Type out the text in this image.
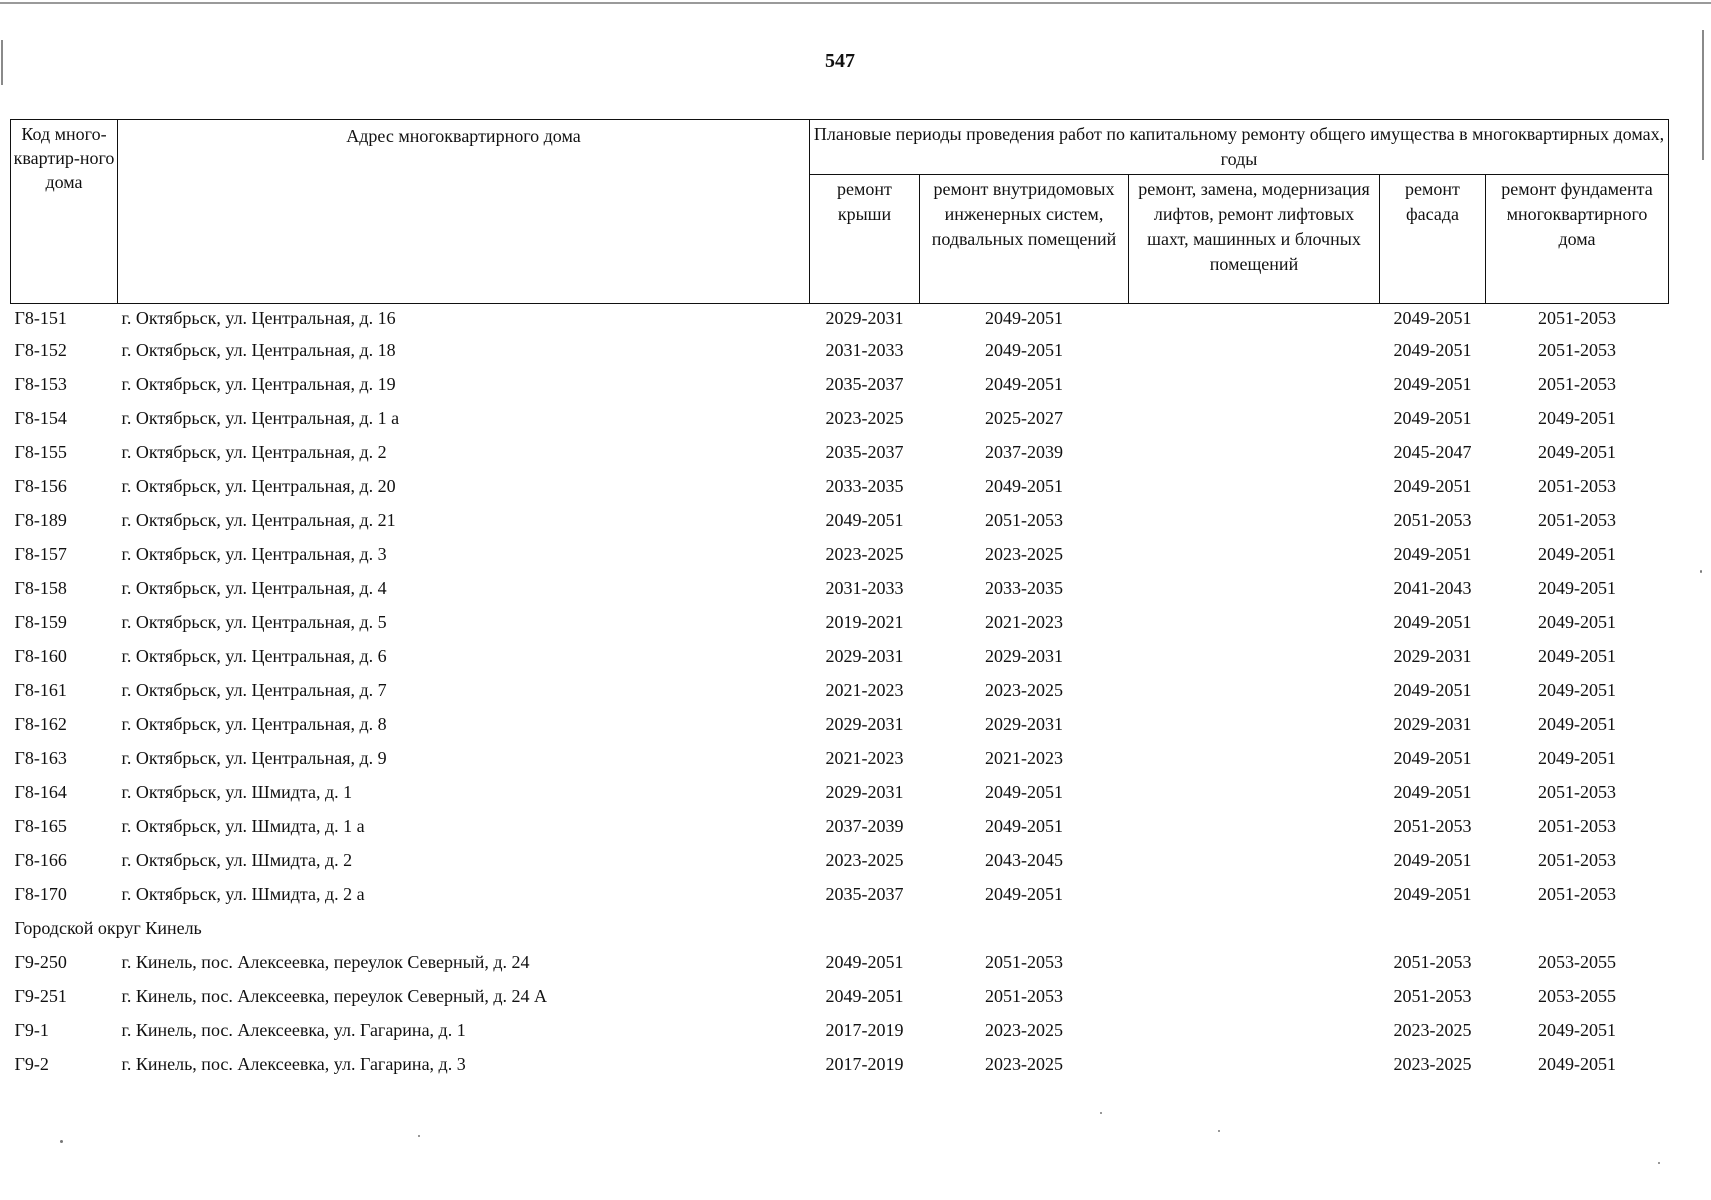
547
Код много-квартир-ного дома	Адрес многоквартирного дома	Плановые периоды проведения работ по капитальному ремонту общего имущества в многоквартирных домах, годы				
		ремонт крыши	ремонт внутридомовых инженерных систем, подвальных помещений	ремонт, замена, модернизация лифтов, ремонт лифтовых шахт, машинных и блочных помещений	ремонт фасада	ремонт фундамента многоквартирного дома
Г8-151	г. Октябрьск, ул. Центральная, д. 16	2029-2031	2049-2051		2049-2051	2051-2053
Г8-152	г. Октябрьск, ул. Центральная, д. 18	2031-2033	2049-2051		2049-2051	2051-2053
Г8-153	г. Октябрьск, ул. Центральная, д. 19	2035-2037	2049-2051		2049-2051	2051-2053
Г8-154	г. Октябрьск, ул. Центральная, д. 1 а	2023-2025	2025-2027		2049-2051	2049-2051
Г8-155	г. Октябрьск, ул. Центральная, д. 2	2035-2037	2037-2039		2045-2047	2049-2051
Г8-156	г. Октябрьск, ул. Центральная, д. 20	2033-2035	2049-2051		2049-2051	2051-2053
Г8-189	г. Октябрьск, ул. Центральная, д. 21	2049-2051	2051-2053		2051-2053	2051-2053
Г8-157	г. Октябрьск, ул. Центральная, д. 3	2023-2025	2023-2025		2049-2051	2049-2051
Г8-158	г. Октябрьск, ул. Центральная, д. 4	2031-2033	2033-2035		2041-2043	2049-2051
Г8-159	г. Октябрьск, ул. Центральная, д. 5	2019-2021	2021-2023		2049-2051	2049-2051
Г8-160	г. Октябрьск, ул. Центральная, д. 6	2029-2031	2029-2031		2029-2031	2049-2051
Г8-161	г. Октябрьск, ул. Центральная, д. 7	2021-2023	2023-2025		2049-2051	2049-2051
Г8-162	г. Октябрьск, ул. Центральная, д. 8	2029-2031	2029-2031		2029-2031	2049-2051
Г8-163	г. Октябрьск, ул. Центральная, д. 9	2021-2023	2021-2023		2049-2051	2049-2051
Г8-164	г. Октябрьск, ул. Шмидта, д. 1	2029-2031	2049-2051		2049-2051	2051-2053
Г8-165	г. Октябрьск, ул. Шмидта, д. 1 а	2037-2039	2049-2051		2051-2053	2051-2053
Г8-166	г. Октябрьск, ул. Шмидта, д. 2	2023-2025	2043-2045		2049-2051	2051-2053
Г8-170	г. Октябрьск, ул. Шмидта, д. 2 а	2035-2037	2049-2051		2049-2051	2051-2053
Городской округ Кинель						
Г9-250	г. Кинель, пос. Алексеевка, переулок Северный, д. 24	2049-2051	2051-2053		2051-2053	2053-2055
Г9-251	г. Кинель, пос. Алексеевка, переулок Северный, д. 24 А	2049-2051	2051-2053		2051-2053	2053-2055
Г9-1	г. Кинель, пос. Алексеевка, ул. Гагарина, д. 1	2017-2019	2023-2025		2023-2025	2049-2051
Г9-2	г. Кинель, пос. Алексеевка, ул. Гагарина, д. 3	2017-2019	2023-2025		2023-2025	2049-2051
